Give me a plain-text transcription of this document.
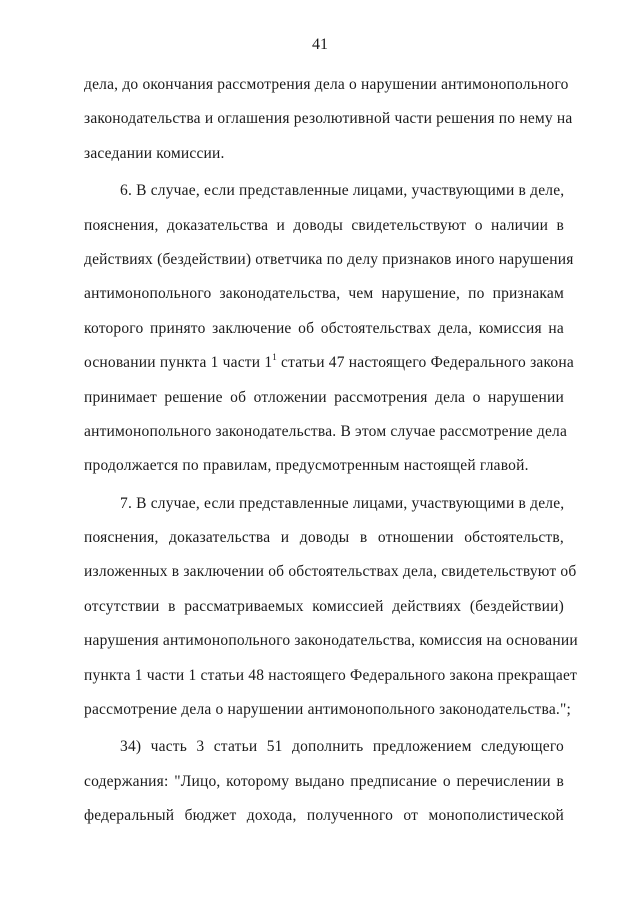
41
дела, до окончания рассмотрения дела о нарушении антимонопольного
законодательства и оглашения резолютивной части решения по нему на
заседании комиссии.
6. В случае, если представленные лицами, участвующими в деле,
пояснения, доказательства и доводы свидетельствуют о наличии в
действиях (бездействии) ответчика по делу признаков иного нарушения
антимонопольного законодательства, чем нарушение, по признакам
которого принято заключение об обстоятельствах дела, комиссия на
основании пункта 1 части $1^1$ статьи 47 настоящего Федерального закона
принимает решение об отложении рассмотрения дела о нарушении
антимонопольного законодательства. В этом случае рассмотрение дела
продолжается по правилам, предусмотренным настоящей главой.
7. В случае, если представленные лицами, участвующими в деле,
пояснения, доказательства и доводы в отношении обстоятельств,
изложенных в заключении об обстоятельствах дела, свидетельствуют об
отсутствии в рассматриваемых комиссией действиях (бездействии)
нарушения антимонопольного законодательства, комиссия на основании
пункта 1 части 1 статьи 48 настоящего Федерального закона прекращает
рассмотрение дела о нарушении антимонопольного законодательства.";
34) часть 3 статьи 51 дополнить предложением следующего
содержания: "Лицо, которому выдано предписание о перечислении в
федеральный бюджет дохода, полученного от монополистической
